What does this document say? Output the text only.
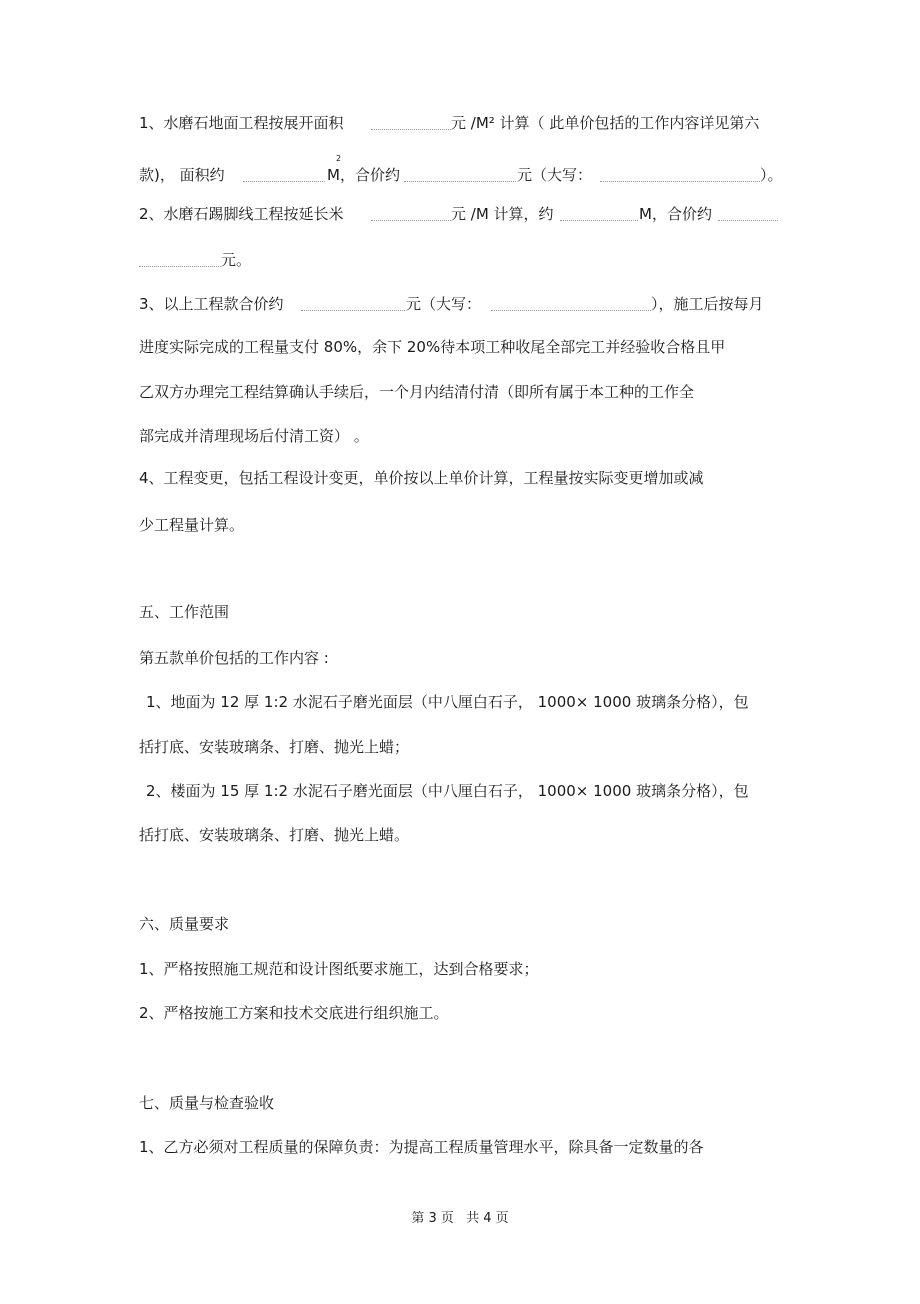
1、水磨石地面工程按展开面积	元 /M² 计算（ 此单价包括的工作内容详见第六
款)， 面积约
2
M，合价约	元（大写：	）。
2、水磨石踢脚线工程按延长米	元 /M 计算，约	M，合价约
元。
3、以上工程款合价约	元（大写：	），施工后按每月
进度实际完成的工程量支付 80%，余下 20%待本项工种收尾全部完工并经验收合格且甲
乙双方办理完工程结算确认手续后，一个月内结清付清（即所有属于本工种的工作全
部完成并清理现场后付清工资） 。
4、工程变更，包括工程设计变更，单价按以上单价计算，工程量按实际变更增加或减
少工程量计算。
五、工作范围
第五款单价包括的工作内容 :
1、地面为 12 厚 1:2 水泥石子磨光面层（中八厘白石子， 1000× 1000 玻璃条分格），包
括打底、安装玻璃条、打磨、抛光上蜡；
2、楼面为 15 厚 1:2 水泥石子磨光面层（中八厘白石子， 1000× 1000 玻璃条分格），包
括打底、安装玻璃条、打磨、抛光上蜡。
六、质量要求
1、严格按照施工规范和设计图纸要求施工，达到合格要求；
2、严格按施工方案和技术交底进行组织施工。
七、质量与检查验收
1、乙方必须对工程质量的保障负责：为提高工程质量管理水平，除具备一定数量的各
第 3 页 共 4 页
